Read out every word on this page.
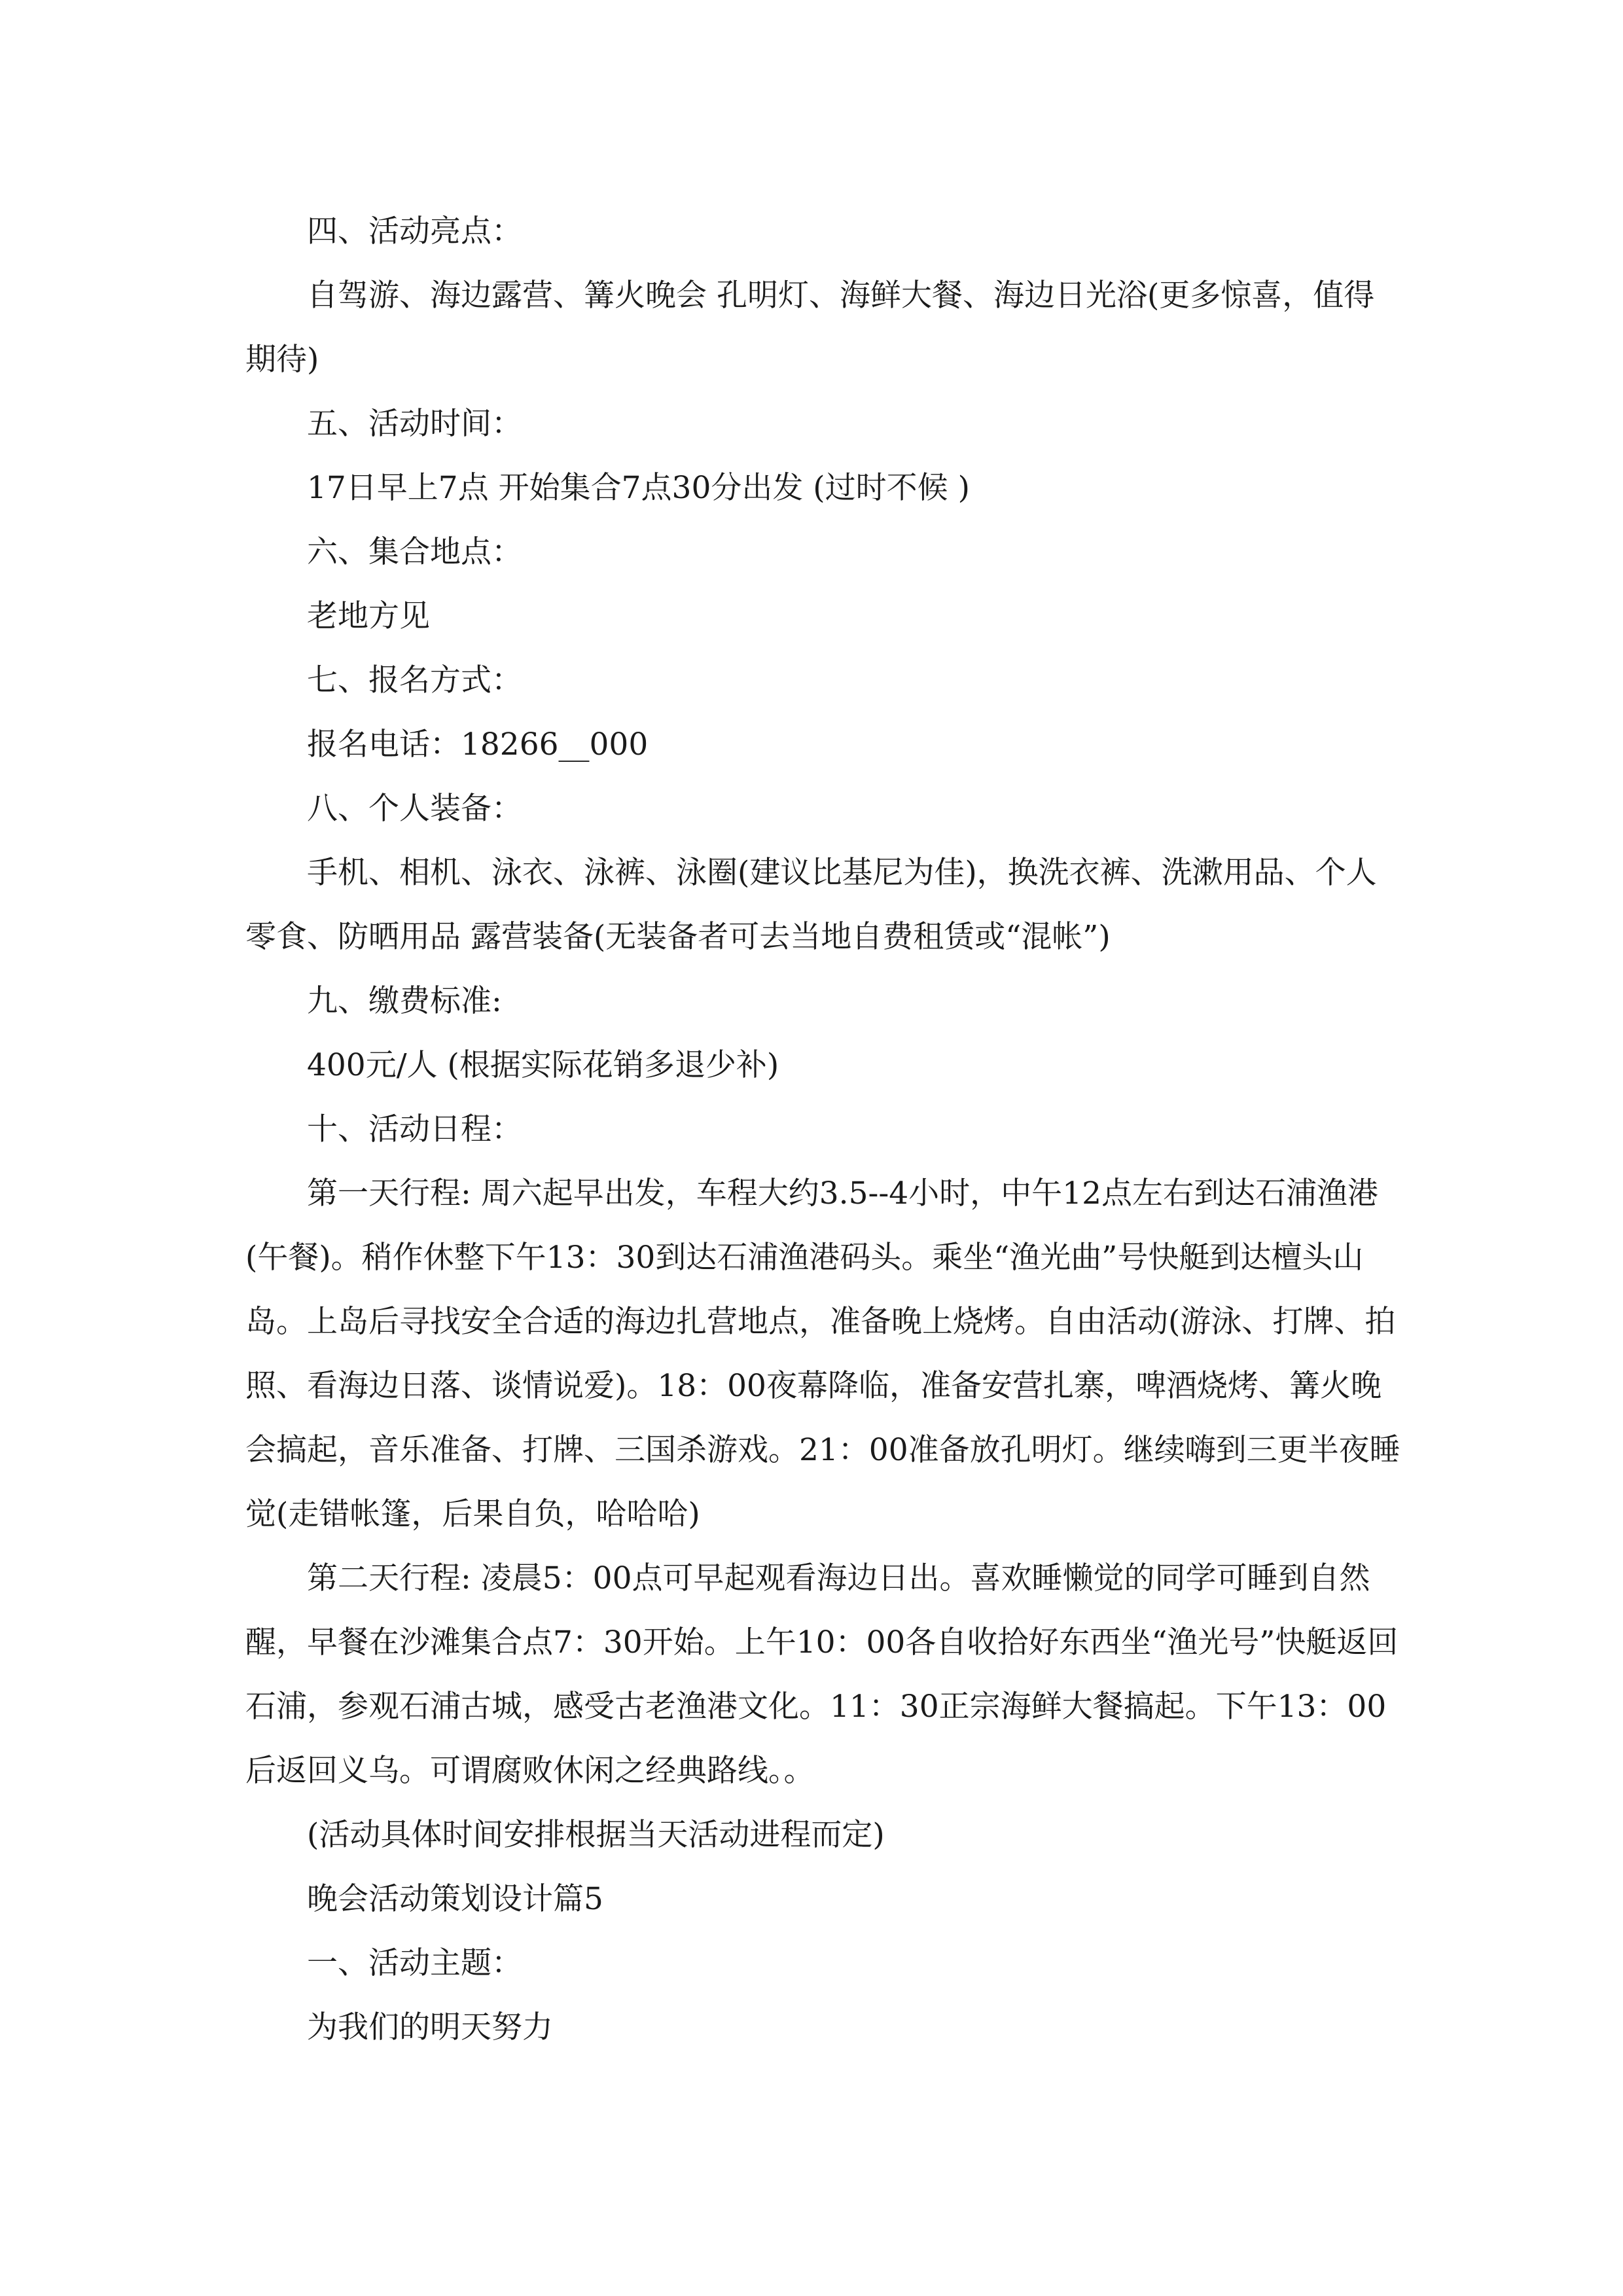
四、活动亮点：

自驾游、海边露营、篝火晚会 孔明灯、海鲜大餐、海边日光浴(更多惊喜，值得期待)

五、活动时间：

17日早上7点 开始集合7点30分出发 (过时不候 )

六、集合地点：

老地方见

七、报名方式：

报名电话：18266__000

八、个人装备：

手机、相机、泳衣、泳裤、泳圈(建议比基尼为佳)，换洗衣裤、洗漱用品、个人零食、防晒用品 露营装备(无装备者可去当地自费租赁或“混帐”)

九、缴费标准:

400元/人 (根据实际花销多退少补)

十、活动日程：

第一天行程: 周六起早出发，车程大约3.5--4小时，中午12点左右到达石浦渔港(午餐)。稍作休整下午13：30到达石浦渔港码头。乘坐“渔光曲”号快艇到达檀头山岛。上岛后寻找安全合适的海边扎营地点，准备晚上烧烤。自由活动(游泳、打牌、拍照、看海边日落、谈情说爱)。18：00夜幕降临，准备安营扎寨，啤酒烧烤、篝火晚会搞起，音乐准备、打牌、三国杀游戏。21：00准备放孔明灯。继续嗨到三更半夜睡觉(走错帐篷，后果自负，哈哈哈)

第二天行程: 凌晨5：00点可早起观看海边日出。喜欢睡懒觉的同学可睡到自然醒，早餐在沙滩集合点7：30开始。上午10：00各自收拾好东西坐“渔光号”快艇返回石浦，参观石浦古城，感受古老渔港文化。11：30正宗海鲜大餐搞起。下午13：00后返回义乌。可谓腐败休闲之经典路线。。

(活动具体时间安排根据当天活动进程而定)

晚会活动策划设计篇5

一、活动主题：

为我们的明天努力
